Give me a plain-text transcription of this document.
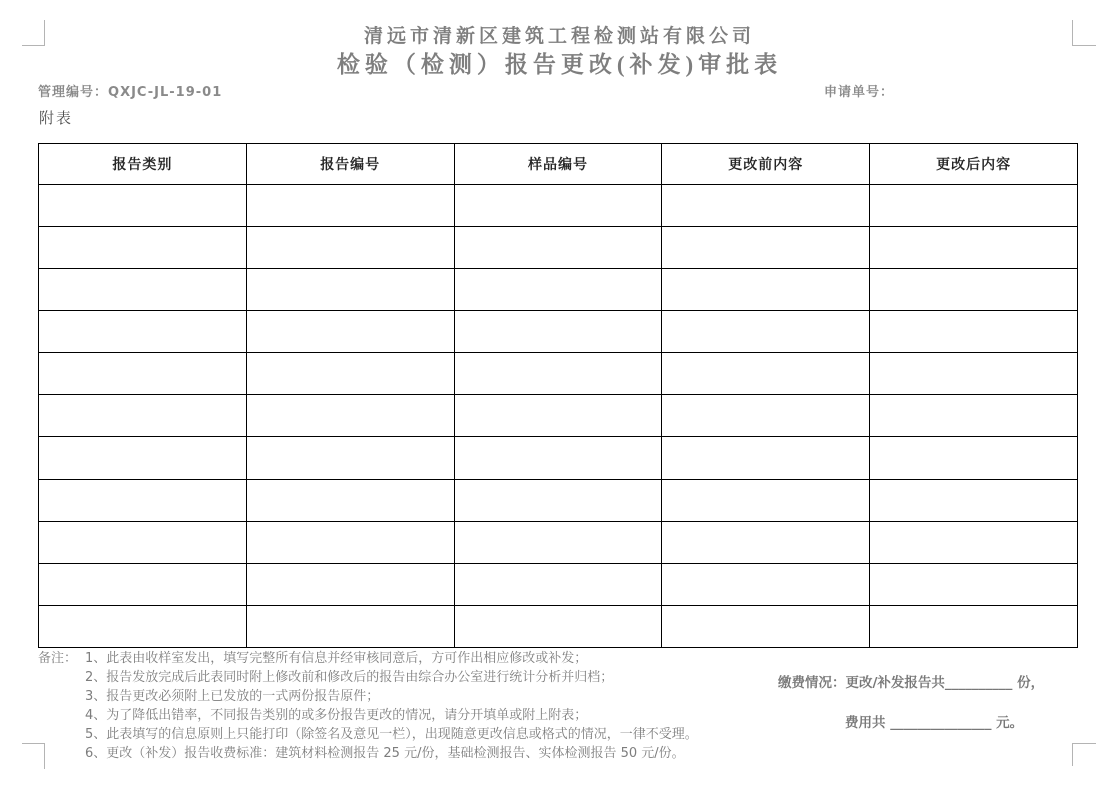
清远市清新区建筑工程检测站有限公司
检验（检测）报告更改(补发)审批表
管理编号：QXJC-JL-19-01	申请单号：
附表
报告类别	报告编号	样品编号	更改前内容	更改后内容

备注： 1、此表由收样室发出，填写完整所有信息并经审核同意后，方可作出相应修改或补发；
2、报告发放完成后此表同时附上修改前和修改后的报告由综合办公室进行统计分析并归档；
3、报告更改必须附上已发放的一式两份报告原件；
4、为了降低出错率，不同报告类别的或多份报告更改的情况，请分开填单或附上附表；
5、此表填写的信息原则上只能打印（除签名及意见一栏），出现随意更改信息或格式的情况，一律不受理。
6、更改（补发）报告收费标准：建筑材料检测报告 25 元/份，基础检测报告、实体检测报告 50 元/份。
缴费情况：更改/补发报告共__________ 份，
费用共 _______________ 元。
